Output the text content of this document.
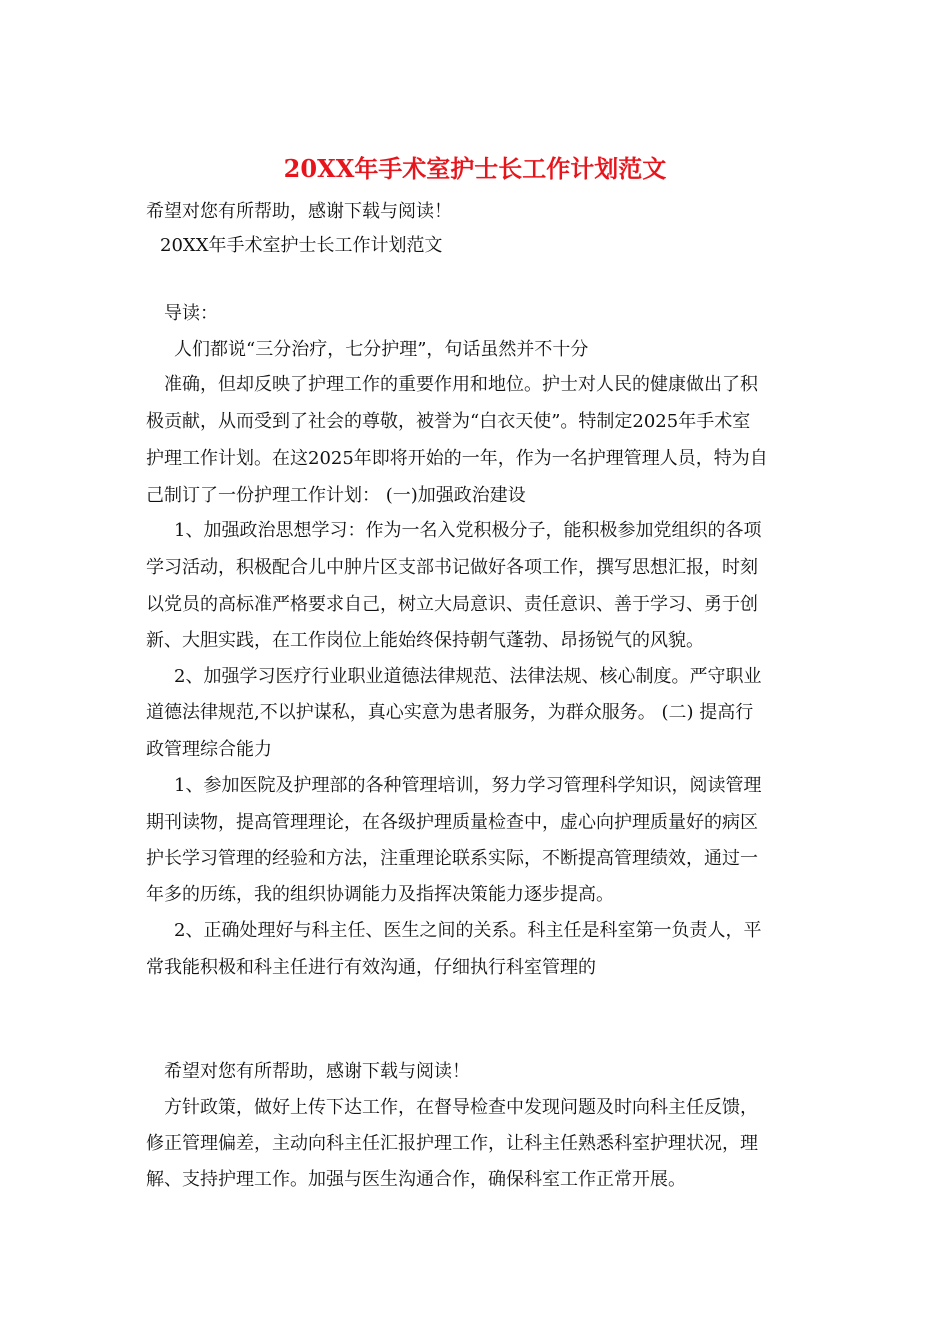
20XX年手术室护士长工作计划范文
希望对您有所帮助，感谢下载与阅读！
20XX年手术室护士长工作计划范文
导读：
人们都说“三分治疗，七分护理”，句话虽然并不十分
准确，但却反映了护理工作的重要作用和地位。护士对人民的健康做出了积
极贡献，从而受到了社会的尊敬，被誉为“白衣天使”。特制定2025年手术室
护理工作计划。在这2025年即将开始的一年，作为一名护理管理人员，特为自
己制订了一份护理工作计划： (一)加强政治建设
1、加强政治思想学习：作为一名入党积极分子，能积极参加党组织的各项
学习活动，积极配合儿中肿片区支部书记做好各项工作，撰写思想汇报，时刻
以党员的高标准严格要求自己，树立大局意识、责任意识、善于学习、勇于创
新、大胆实践，在工作岗位上能始终保持朝气蓬勃、昂扬锐气的风貌。
2、加强学习医疗行业职业道德法律规范、法律法规、核心制度。严守职业
道德法律规范,不以护谋私，真心实意为患者服务，为群众服务。 (二) 提高行
政管理综合能力
1、参加医院及护理部的各种管理培训，努力学习管理科学知识，阅读管理
期刊读物，提高管理理论，在各级护理质量检查中，虚心向护理质量好的病区
护长学习管理的经验和方法，注重理论联系实际，不断提高管理绩效，通过一
年多的历练，我的组织协调能力及指挥决策能力逐步提高。
2、正确处理好与科主任、医生之间的关系。科主任是科室第一负责人，平
常我能积极和科主任进行有效沟通，仔细执行科室管理的
希望对您有所帮助，感谢下载与阅读！
方针政策，做好上传下达工作，在督导检查中发现问题及时向科主任反馈，
修正管理偏差，主动向科主任汇报护理工作，让科主任熟悉科室护理状况，理
解、支持护理工作。加强与医生沟通合作，确保科室工作正常开展。
